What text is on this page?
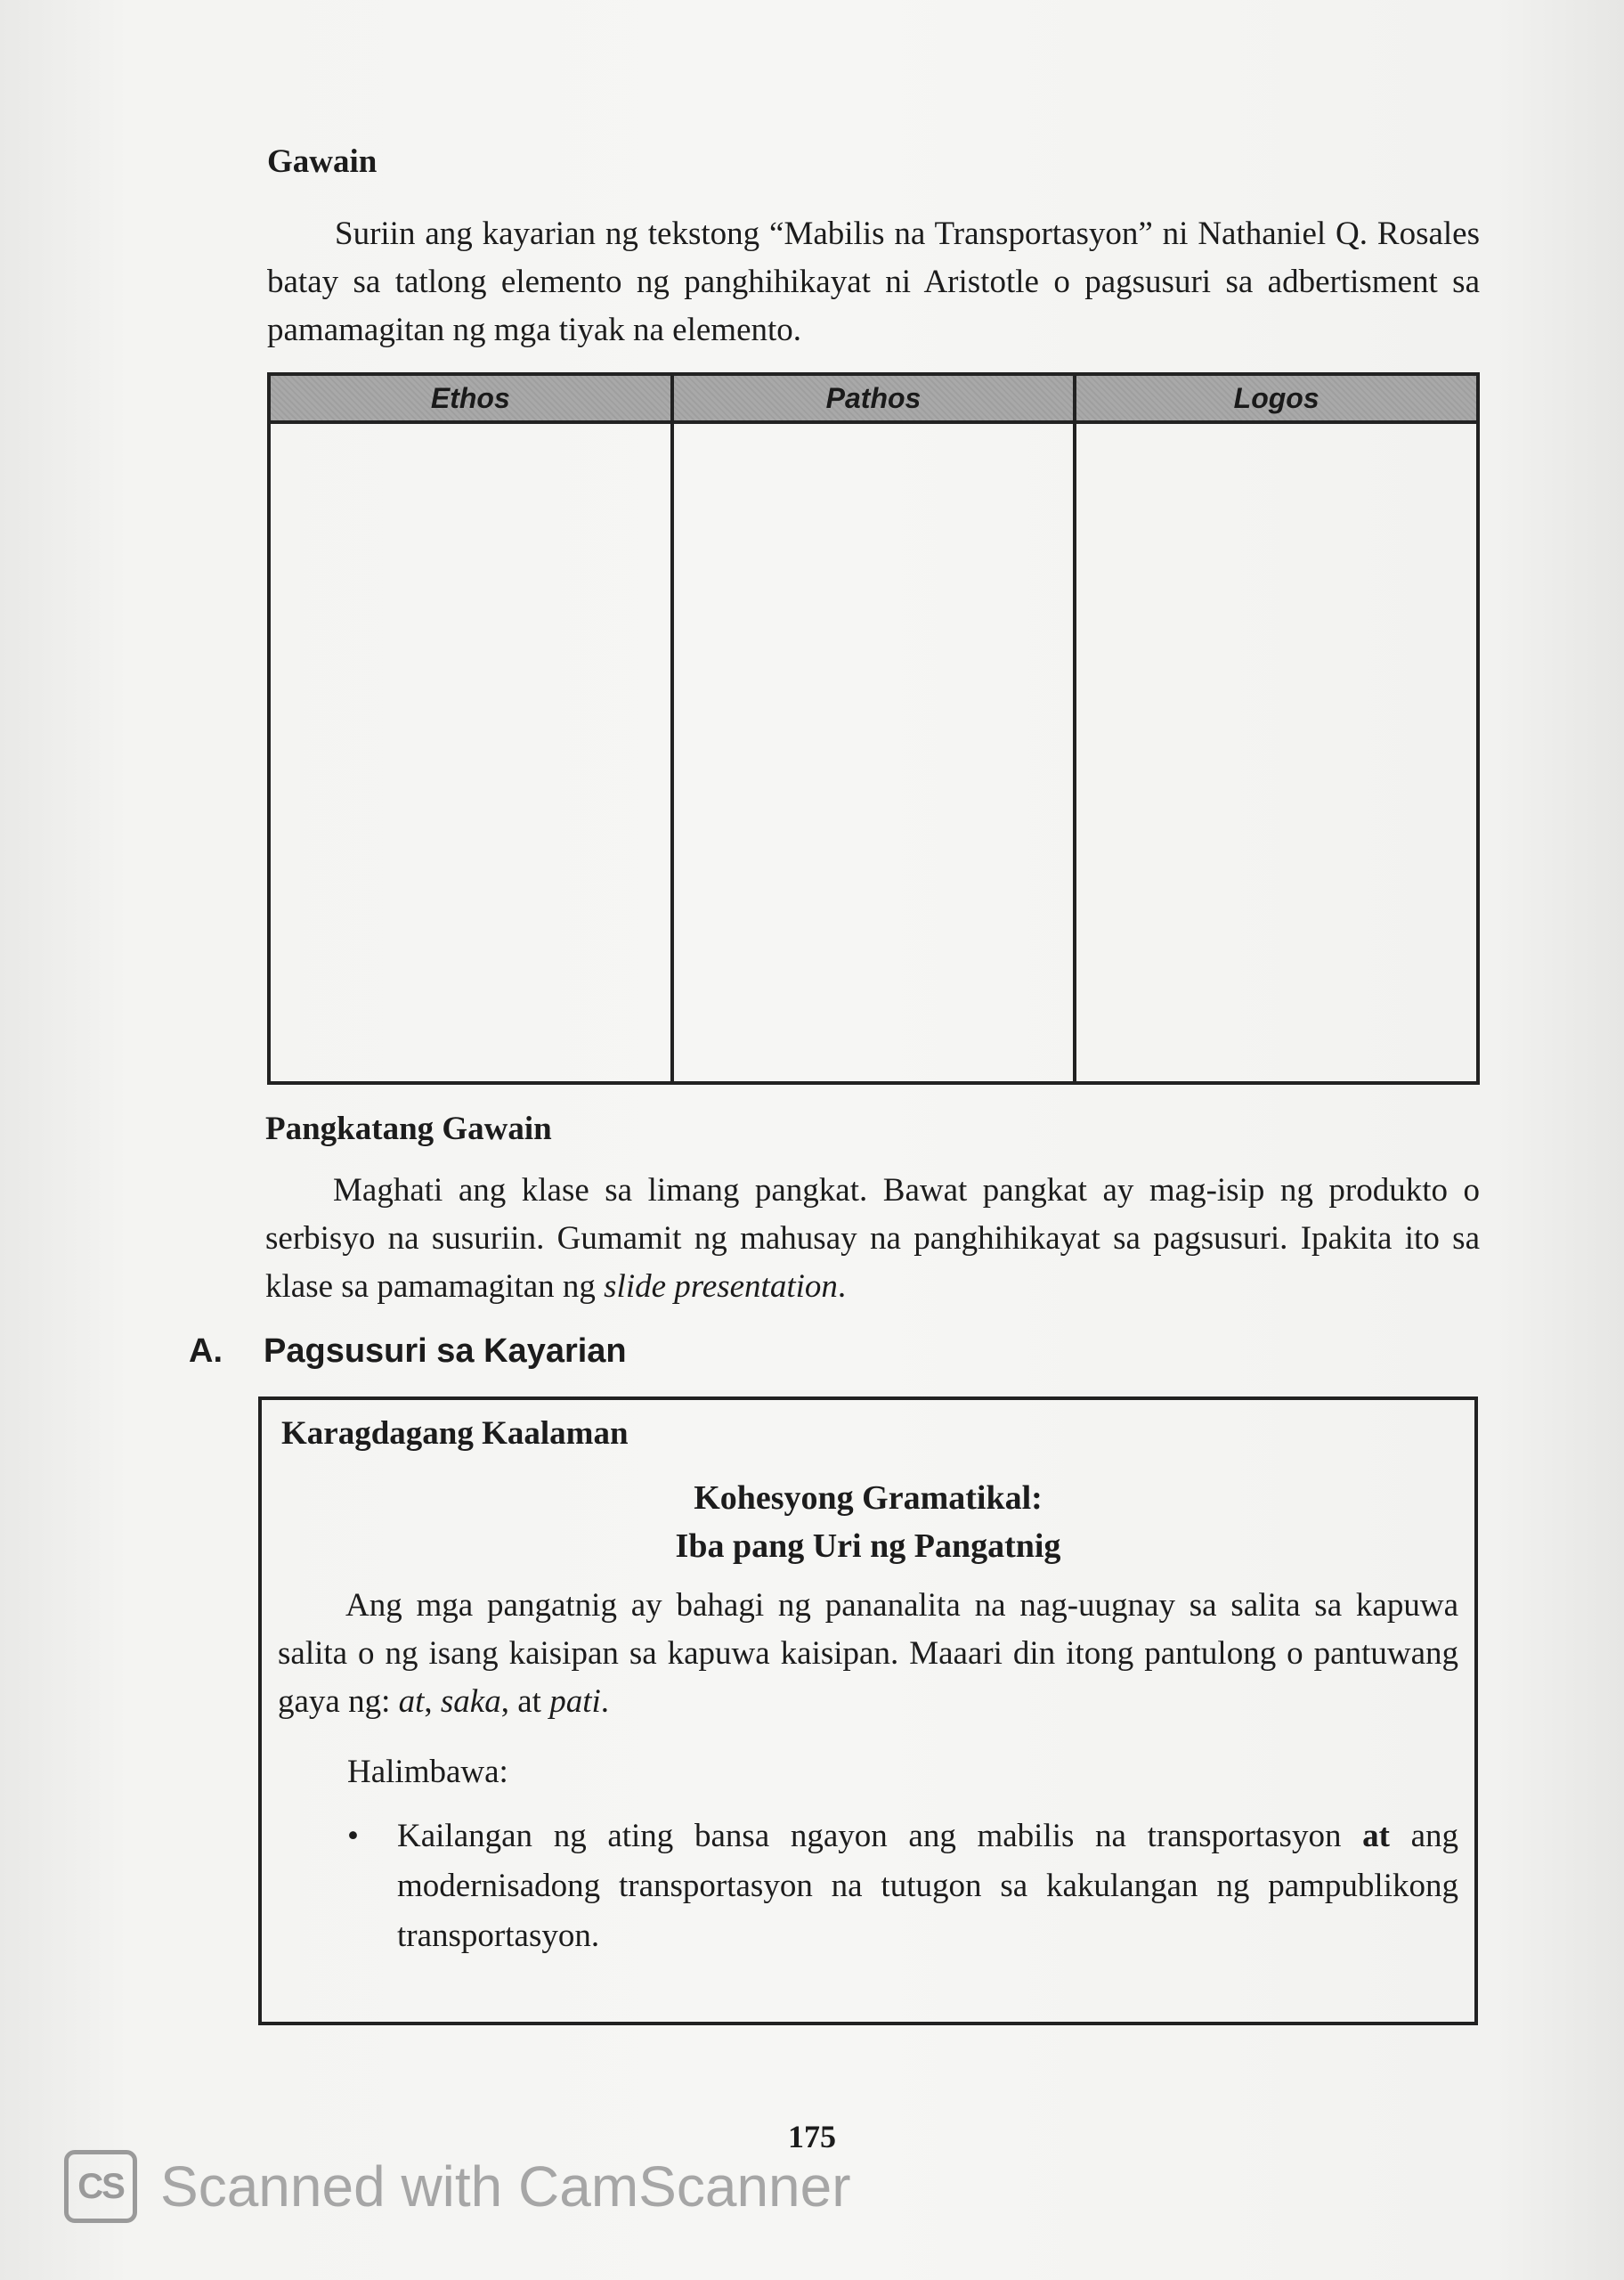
Gawain

Suriin ang kayarian ng tekstong “Mabilis na Transportasyon” ni Nathaniel Q. Rosales batay sa tatlong elemento ng panghihikayat ni Aristotle o pagsusuri sa adbertisment sa pamamagitan ng mga tiyak na elemento.

Ethos	Pathos	Logos

Pangkatang Gawain

Maghati ang klase sa limang pangkat. Bawat pangkat ay mag-isip ng produkto o serbisyo na susuriin. Gumamit ng mahusay na panghihikayat sa pagsusuri. Ipakita ito sa klase sa pamamagitan ng slide presentation.

A. Pagsusuri sa Kayarian
Karagdagang Kaalaman
Kohesyong Gramatikal:
Iba pang Uri ng Pangatnig

Ang mga pangatnig ay bahagi ng pananalita na nag-uugnay sa salita sa kapuwa salita o ng isang kaisipan sa kapuwa kaisipan. Maaari din itong pantulong o pantuwang gaya ng: at, saka, at pati.

Halimbawa:
•	Kailangan ng ating bansa ngayon ang mabilis na transportasyon at ang modernisadong transportasyon na tutugon sa kakulangan ng pampublikong transportasyon.
175
CS Scanned with CamScanner
